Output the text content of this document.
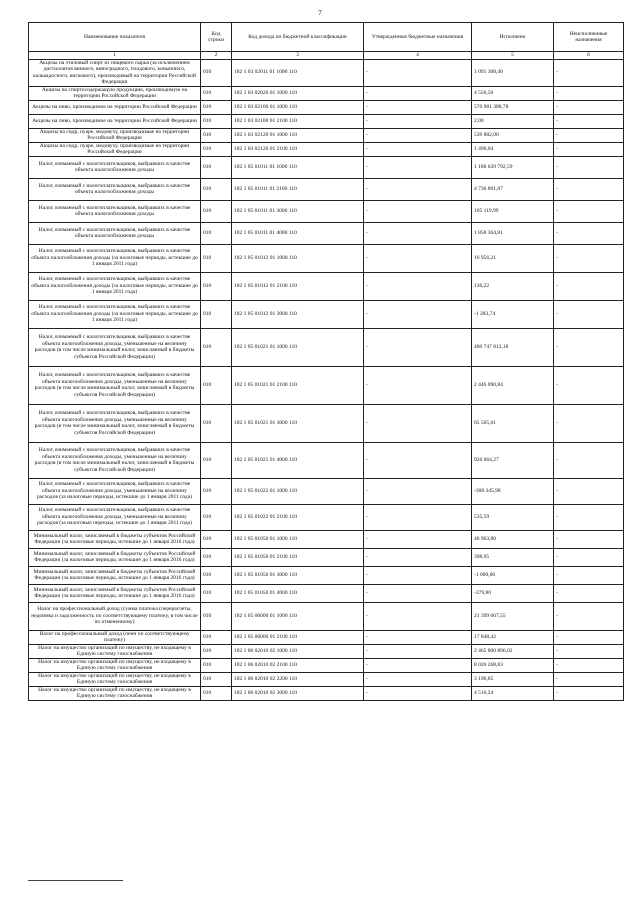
7
Наименование показателя	Код строки	Код дохода по бюджетной классификации	Утвержденные бюджетные назначения	Исполнено	Неисполненные назначения
1	2	3	4	5	6
Акцизы на этиловый спирт из пищевого сырья (за исключением дистиллятов винного, виноградного, плодового, коньячного, кальвадосного, вискового), производимый на территории Российской Федерации	010	182 1 03 02011 01 1000 110	-	1 091 308,40	-
Акцизы на спиртосодержащую продукцию, производимую на территории Российской Федерации	010	182 1 03 02020 01 1000 110	-	4 550,50	-
Акцизы на пиво, производимое на территории Российской Федерации	010	182 1 03 02100 01 1000 110	-	570 981 388,78	-
Акцизы на пиво, производимое на территории Российской Федерации	010	182 1 03 02100 01 2100 110	-	2,00	-
Акцизы на сидр, пуаре, медовуху, производимые на территории Российской Федерации	010	182 1 03 02120 01 1000 110	-	539 882,00	-
Акцизы на сидр, пуаре, медовуху, производимые на территории Российской Федерации	010	182 1 03 02120 01 2100 110	-	1 490,04	-
Налог, взимаемый с налогоплательщиков, выбравших в качестве объекта налогообложения доходы	010	182 1 05 01011 01 1000 110	-	1 186 639 792,59	-
Налог, взимаемый с налогоплательщиков, выбравших в качестве объекта налогообложения доходы	010	182 1 05 01011 01 2100 110	-	4 736 801,87	-
Налог, взимаемый с налогоплательщиков, выбравших в качестве объекта налогообложения доходы	010	182 1 05 01011 01 3000 110	-	105 119,99	-
Налог, взимаемый с налогоплательщиков, выбравших в качестве объекта налогообложения доходы	010	182 1 05 01011 01 4000 110	-	1 858 364,81	-
Налог, взимаемый с налогоплательщиков, выбравших в качестве объекта налогообложения доходы (за налоговые периоды, истекшие до 1 января 2011 года)	010	182 1 05 01012 01 1000 110	-	16 956,21	-
Налог, взимаемый с налогоплательщиков, выбравших в качестве объекта налогообложения доходы (за налоговые периоды, истекшие до 1 января 2011 года)	010	182 1 05 01012 01 2100 110	-	136,22	-
Налог, взимаемый с налогоплательщиков, выбравших в качестве объекта налогообложения доходы (за налоговые периоды, истекшие до 1 января 2011 года)	010	182 1 05 01012 01 3000 110	-	-1 283,74	-
Налог, взимаемый с налогоплательщиков, выбравших в качестве объекта налогообложения доходы, уменьшенные на величину расходов (в том числе минимальный налог, зачисляемый в бюджеты субъектов Российской Федерации)	010	182 1 05 01021 01 1000 110	-	460 747 812,18	-
Налог, взимаемый с налогоплательщиков, выбравших в качестве объекта налогообложения доходы, уменьшенные на величину расходов (в том числе минимальный налог, зачисляемый в бюджеты субъектов Российской Федерации)	010	182 1 05 01021 01 2100 110	-	2 446 090,84	-
Налог, взимаемый с налогоплательщиков, выбравших в качестве объекта налогообложения доходы, уменьшенные на величину расходов (в том числе минимальный налог, зачисляемый в бюджеты субъектов Российской Федерации)	010	182 1 05 01021 01 3000 110	-	65 565,61	-
Налог, взимаемый с налогоплательщиков, выбравших в качестве объекта налогообложения доходы, уменьшенные на величину расходов (в том числе минимальный налог, зачисляемый в бюджеты субъектов Российской Федерации)	010	182 1 05 01021 01 4000 110	-	926 664,27	-
Налог, взимаемый с налогоплательщиков, выбравших в качестве объекта налогообложения доходы, уменьшенные на величину расходов (за налоговые периоды, истекшие до 1 января 2011 года)	010	182 1 05 01022 01 1000 110	-	-308 345,98	-
Налог, взимаемый с налогоплательщиков, выбравших в качестве объекта налогообложения доходы, уменьшенные на величину расходов (за налоговые периоды, истекшие до 1 января 2011 года)	010	182 1 05 01022 01 2100 110	-	535,59	-
Минимальный налог, зачисляемый в бюджеты субъектов Российской Федерации (за налоговые периоды, истекшие до 1 января 2016 года)	010	182 1 05 01050 01 1000 110	-	46 963,80	-
Минимальный налог, зачисляемый в бюджеты субъектов Российской Федерации (за налоговые периоды, истекшие до 1 января 2016 года)	010	182 1 05 01050 01 2100 110	-	398,95	-
Минимальный налог, зачисляемый в бюджеты субъектов Российской Федерации (за налоговые периоды, истекшие до 1 января 2016 года)	010	182 1 05 01050 01 3000 110	-	-1 000,00	-
Минимальный налог, зачисляемый в бюджеты субъектов Российской Федерации (за налоговые периоды, истекшие до 1 января 2016 года)	010	182 1 05 01050 01 4000 110	-	-379,80	-
Налог на профессиональный доход (сумма платежа (перерасчеты, недоимка и задолженность по соответствующему платежу, в том числе по отмененному)	010	182 1 05 06000 01 1000 110	-	21 399 667,55	-
Налог на профессиональный доход (пени по соответствующему платежу)	010	182 1 05 06000 01 2100 110	-	17 848,42	-
Налог на имущество организаций по имуществу, не входящему в Единую систему газоснабжения	010	182 1 06 02010 02 1000 110	-	2 465 800 896,02	-
Налог на имущество организаций по имуществу, не входящему в Единую систему газоснабжения	010	182 1 06 02010 02 2100 110	-	8 026 268,83	-
Налог на имущество организаций по имуществу, не входящему в Единую систему газоснабжения	010	182 1 06 02010 02 2200 110	-	3 196,05	-
Налог на имущество организаций по имуществу, не входящему в Единую систему газоснабжения	010	182 1 06 02010 02 3000 110	-	4 516,24	-
